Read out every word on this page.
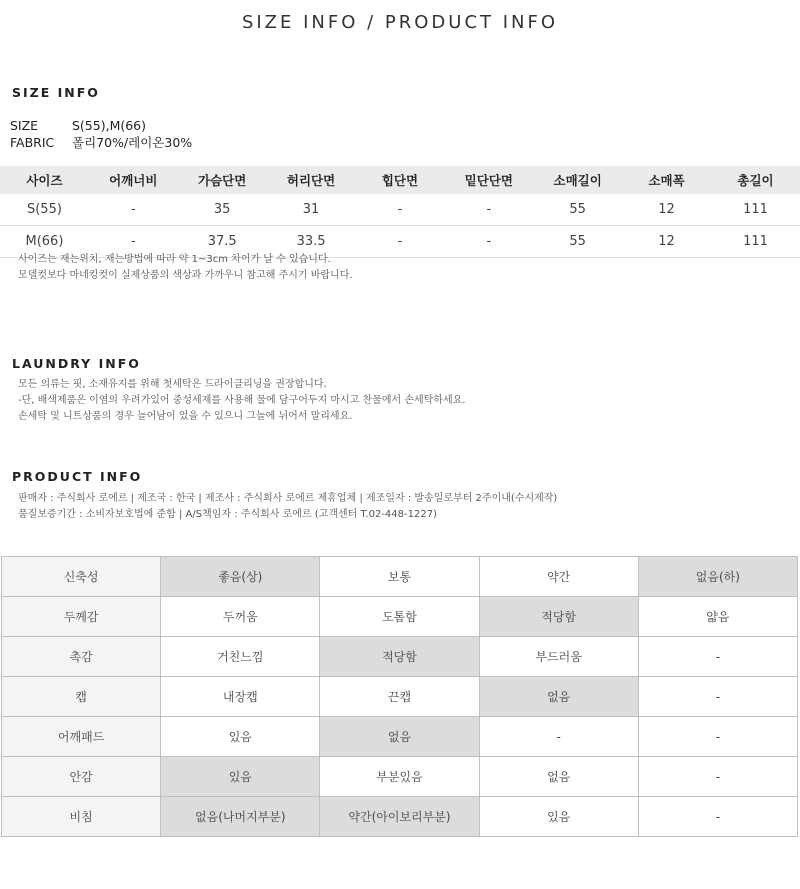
SIZE INFO / PRODUCT INFO
SIZE INFO
SIZE	S(55),M(66)
FABRIC 폴리70%/레이온30%
사이즈	어깨너비	가슴단면	허리단면	힙단면	밑단단면	소매길이	소매폭	총길이
S(55)	-	35	31	-	-	55	12	111
M(66)	-	37.5	33.5	-	-	55	12	111
사이즈는 재는위치, 재는방법에 따라 약 1~3cm 차이가 날 수 있습니다.
모델컷보다 마네킹컷이 실제상품의 색상과 가까우니 참고해 주시기 바랍니다.
LAUNDRY INFO
모든 의류는 핏, 소재유지를 위해 첫세탁은 드라이클리닝을 권장합니다.
-단, 배색제품은 이염의 우려가있어 중성세제를 사용해 물에 담구어두지 마시고 찬물에서 손세탁하세요.
손세탁 및 니트상품의 경우 늘어남이 었을 수 있으니 그늘에 뉘어서 말리세요.
PRODUCT INFO
판매자 : 주식회사 로에르 | 제조국 : 한국 | 제조사 : 주식회사 로에르 제휴업체 | 제조일자 : 발송일로부터 2주이내(수시제작)
품질보증기간 : 소비자보호법에 준함 | A/S책임자 : 주식회사 로에르 (고객센터 T.02-448-1227)
신축성	좋음(상)	보통	약간	없음(하)
두께감	두꺼움	도톰함	적당함	얇음
촉감	거친느낌	적당함	부드러움	-
캡	내장캡	끈캡	없음	-
어깨패드	있음	없음	-	-
안감	있음	부분있음	없음	-
비침	없음(나머지부분)	약간(아이보리부분)	있음	-
